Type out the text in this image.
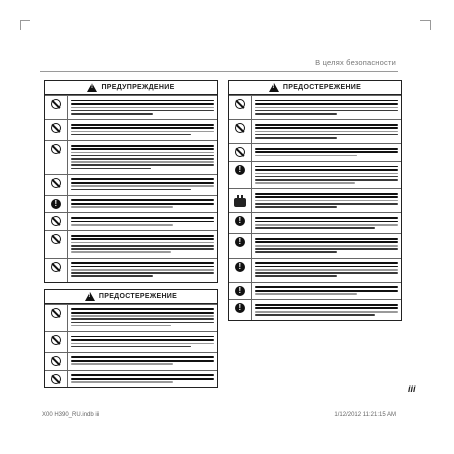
В целях безопасности
!
ПРЕДУПРЕЖДЕНИЕ
!
!
ПРЕДОСТЕРЕЖЕНИЕ
!
ПРЕДОСТЕРЕЖЕНИЕ
!
!
!
!
!
!
iii
X00 H390_RU.indb iii	1/12/2012 11:21:15 AM
